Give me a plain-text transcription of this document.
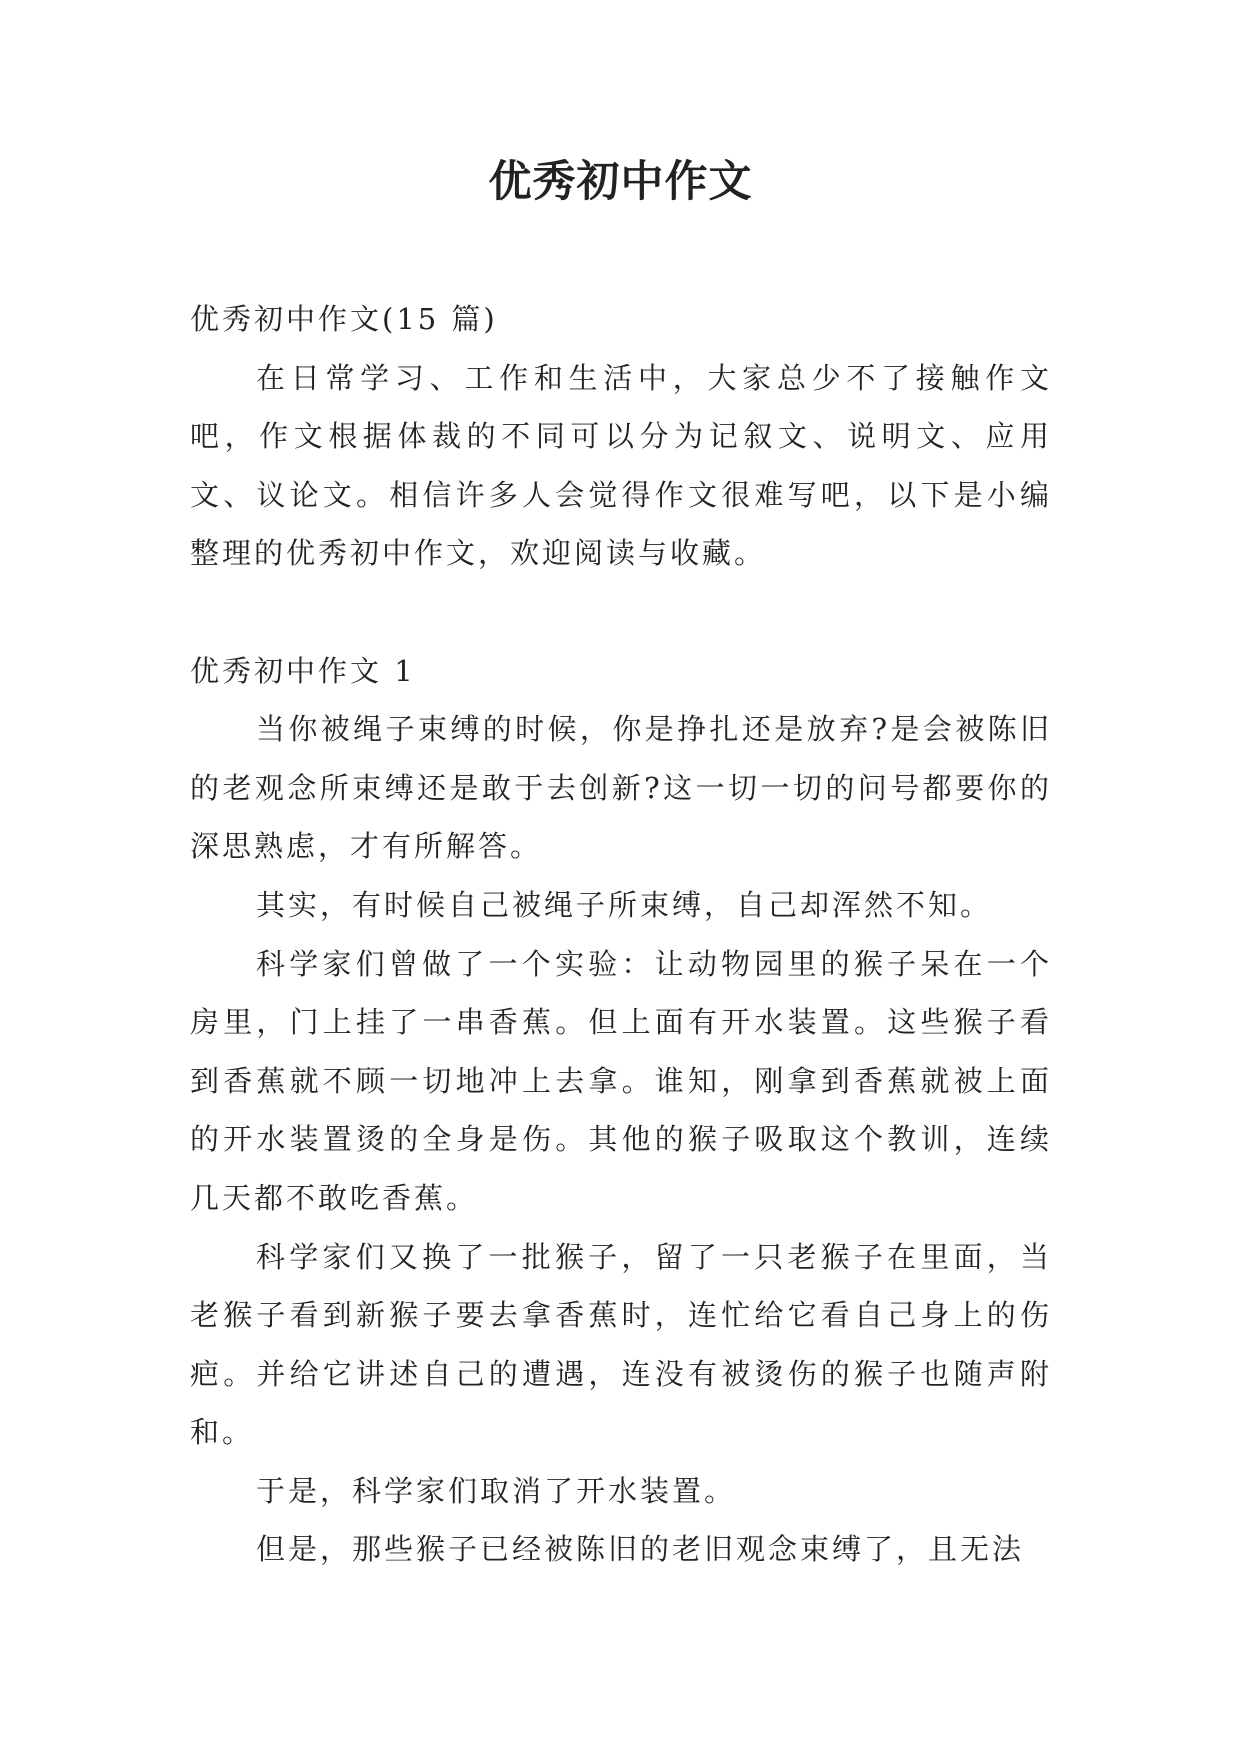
优秀初中作文

优秀初中作文(15 篇)

在日常学习、工作和生活中，大家总少不了接触作文吧，作文根据体裁的不同可以分为记叙文、说明文、应用文、议论文。相信许多人会觉得作文很难写吧，以下是小编整理的优秀初中作文，欢迎阅读与收藏。

优秀初中作文 1

当你被绳子束缚的时候，你是挣扎还是放弃?是会被陈旧的老观念所束缚还是敢于去创新?这一切一切的问号都要你的深思熟虑，才有所解答。

其实，有时候自己被绳子所束缚，自己却浑然不知。

科学家们曾做了一个实验：让动物园里的猴子呆在一个房里，门上挂了一串香蕉。但上面有开水装置。这些猴子看到香蕉就不顾一切地冲上去拿。谁知，刚拿到香蕉就被上面的开水装置烫的全身是伤。其他的猴子吸取这个教训，连续几天都不敢吃香蕉。

科学家们又换了一批猴子，留了一只老猴子在里面，当老猴子看到新猴子要去拿香蕉时，连忙给它看自己身上的伤疤。并给它讲述自己的遭遇，连没有被烫伤的猴子也随声附和。

于是，科学家们取消了开水装置。

但是，那些猴子已经被陈旧的老旧观念束缚了，且无法
